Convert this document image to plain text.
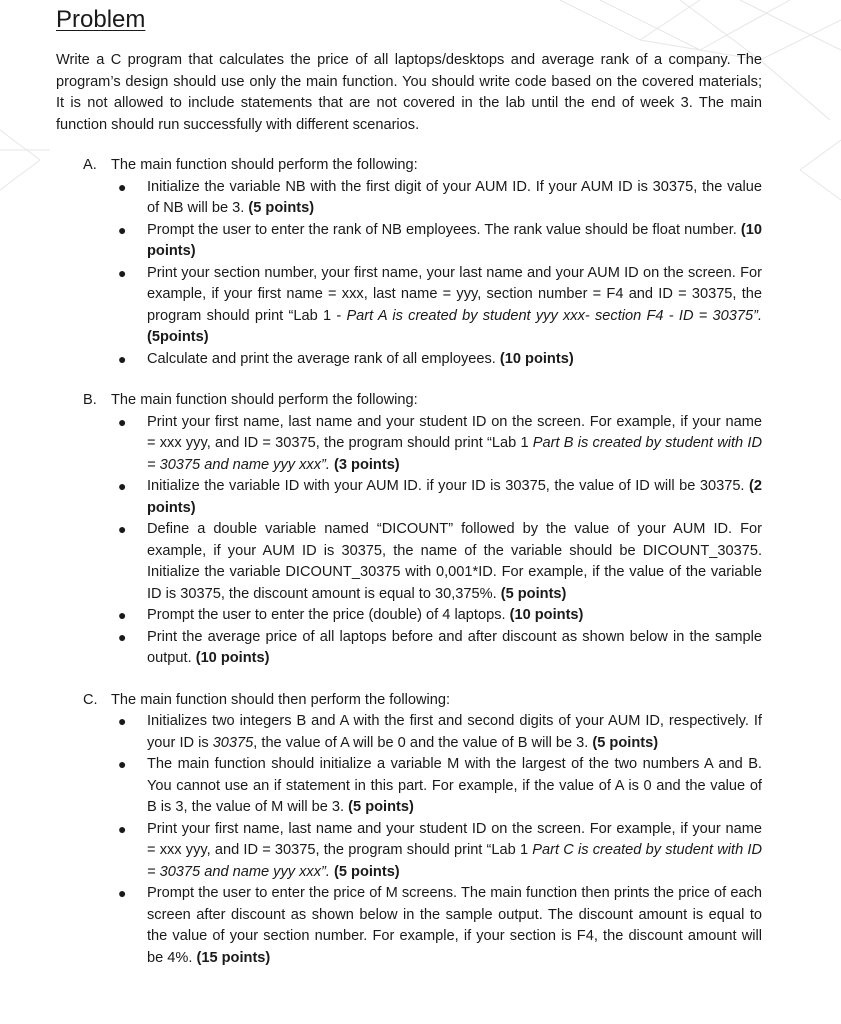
Problem

Write a C program that calculates the price of all laptops/desktops and average rank of a company. The program’s design should use only the main function. You should write code based on the covered materials; It is not allowed to include statements that are not covered in the lab until the end of week 3. The main function should run successfully with different scenarios.

A. The main function should perform the following:
● Initialize the variable NB with the first digit of your AUM ID. If your AUM ID is 30375, the value of NB will be 3. (5 points)
● Prompt the user to enter the rank of NB employees. The rank value should be float number. (10 points)
● Print your section number, your first name, your last name and your AUM ID on the screen. For example, if your first name = xxx, last name = yyy, section number = F4 and ID = 30375, the program should print “Lab 1 - Part A is created by student yyy xxx- section F4 - ID = 30375”. (5points)
● Calculate and print the average rank of all employees. (10 points)
B. The main function should perform the following:
● Print your first name, last name and your student ID on the screen. For example, if your name = xxx yyy, and ID = 30375, the program should print “Lab 1 Part B is created by student with ID = 30375 and name yyy xxx”. (3 points)
● Initialize the variable ID with your AUM ID. if your ID is 30375, the value of ID will be 30375. (2 points)
● Define a double variable named “DICOUNT” followed by the value of your AUM ID. For example, if your AUM ID is 30375, the name of the variable should be DICOUNT_30375. Initialize the variable DICOUNT_30375 with 0,001*ID. For example, if the value of the variable ID is 30375, the discount amount is equal to 30,375%. (5 points)
● Prompt the user to enter the price (double) of 4 laptops. (10 points)
● Print the average price of all laptops before and after discount as shown below in the sample output. (10 points)
C. The main function should then perform the following:
● Initializes two integers B and A with the first and second digits of your AUM ID, respectively. If your ID is 30375, the value of A will be 0 and the value of B will be 3. (5 points)
● The main function should initialize a variable M with the largest of the two numbers A and B. You cannot use an if statement in this part. For example, if the value of A is 0 and the value of B is 3, the value of M will be 3. (5 points)
● Print your first name, last name and your student ID on the screen. For example, if your name = xxx yyy, and ID = 30375, the program should print “Lab 1 Part C is created by student with ID = 30375 and name yyy xxx”. (5 points)
● Prompt the user to enter the price of M screens. The main function then prints the price of each screen after discount as shown below in the sample output. The discount amount is equal to the value of your section number. For example, if your section is F4, the discount amount will be 4%. (15 points)
